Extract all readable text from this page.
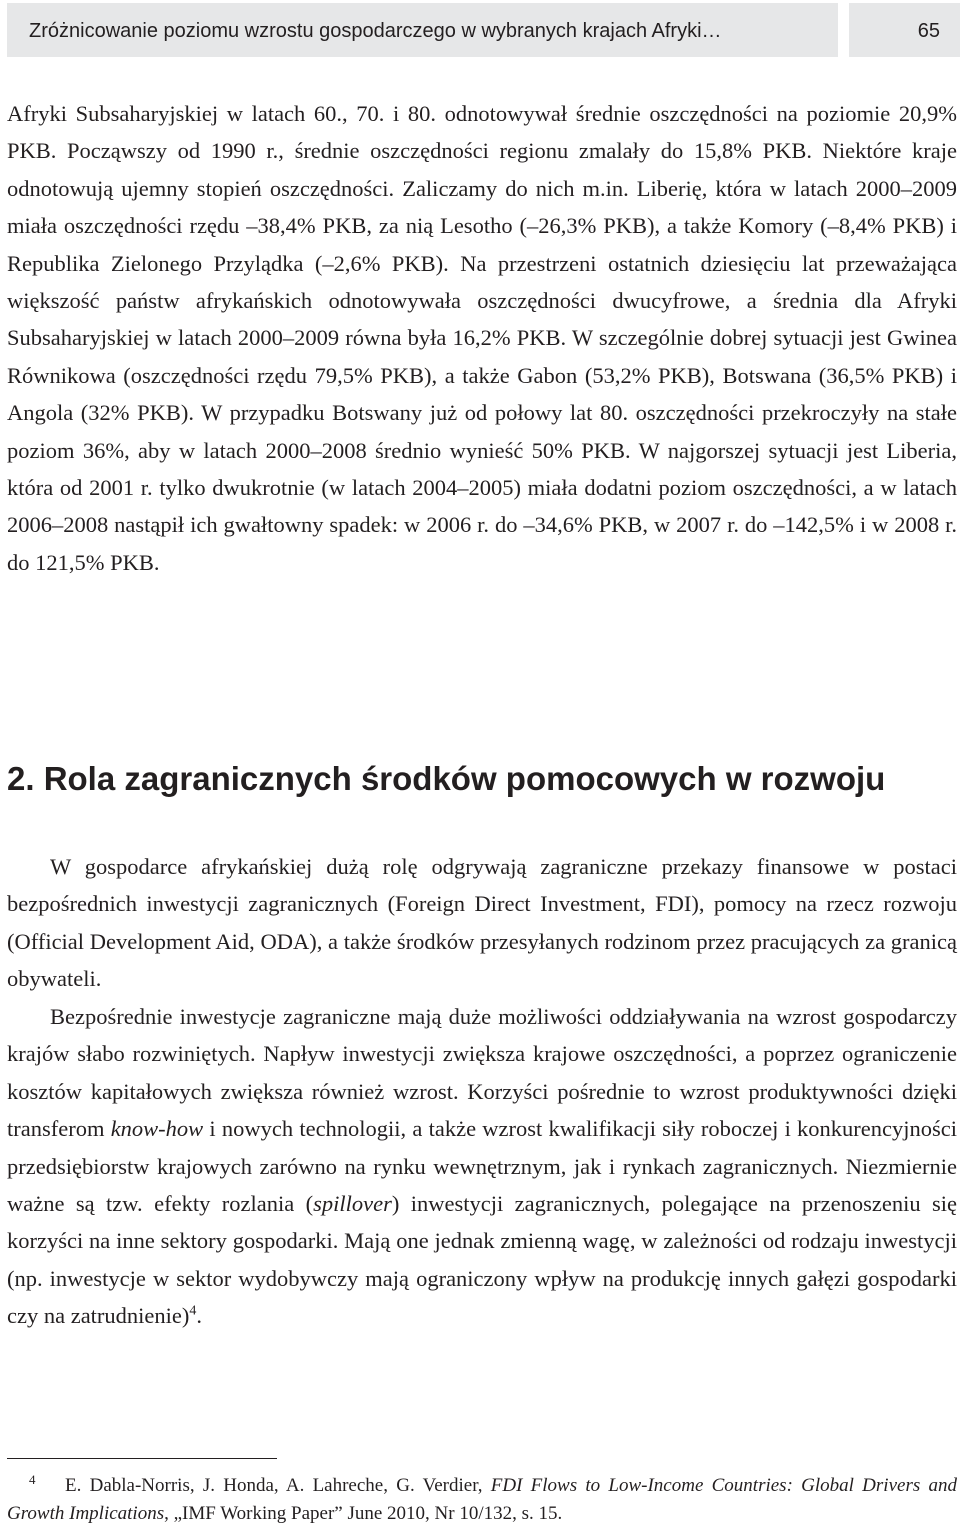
Zróżnicowanie poziomu wzrostu gospodarczego w wybranych krajach Afryki…	65

Afryki Subsaharyjskiej w latach 60., 70. i 80. odnotowywał średnie oszczędności na poziomie 20,9% PKB. Począwszy od 1990 r., średnie oszczędności regionu zmalały do 15,8% PKB. Niektóre kraje odnotowują ujemny stopień oszczędności. Zaliczamy do nich m.in. Liberię, która w latach 2000–2009 miała oszczędności rzędu –38,4% PKB, za nią Lesotho (–26,3% PKB), a także Komory (–8,4% PKB) i Republika Zielonego Przylądka (–2,6% PKB). Na przestrzeni ostatnich dziesięciu lat przeważająca większość państw afrykańskich odnotowywała oszczędności dwucyfrowe, a średnia dla Afryki Subsaharyjskiej w latach 2000–2009 równa była 16,2% PKB. W szczególnie dobrej sytuacji jest Gwinea Równikowa (oszczędności rzędu 79,5% PKB), a także Gabon (53,2% PKB), Botswana (36,5% PKB) i Angola (32% PKB). W przypadku Botswany już od połowy lat 80. oszczędności przekroczyły na stałe poziom 36%, aby w latach 2000–2008 średnio wynieść 50% PKB. W najgorszej sytuacji jest Liberia, która od 2001 r. tylko dwukrotnie (w latach 2004–2005) miała dodatni poziom oszczędności, a w latach 2006–2008 nastąpił ich gwałtowny spadek: w 2006 r. do –34,6% PKB, w 2007 r. do –142,5% i w 2008 r. do 121,5% PKB.

2. Rola zagranicznych środków pomocowych w rozwoju

W gospodarce afrykańskiej dużą rolę odgrywają zagraniczne przekazy finansowe w postaci bezpośrednich inwestycji zagranicznych (Foreign Direct Investment, FDI), pomocy na rzecz rozwoju (Official Development Aid, ODA), a także środków przesyłanych rodzinom przez pracujących za granicą obywateli.

Bezpośrednie inwestycje zagraniczne mają duże możliwości oddziaływania na wzrost gospodarczy krajów słabo rozwiniętych. Napływ inwestycji zwiększa krajowe oszczędności, a poprzez ograniczenie kosztów kapitałowych zwiększa również wzrost. Korzyści pośrednie to wzrost produktywności dzięki transferom know-how i nowych technologii, a także wzrost kwalifikacji siły roboczej i konkurencyjności przedsiębiorstw krajowych zarówno na rynku wewnętrznym, jak i rynkach zagranicznych. Niezmiernie ważne są tzw. efekty rozlania (spillover) inwestycji zagranicznych, polegające na przenoszeniu się korzyści na inne sektory gospodarki. Mają one jednak zmienną wagę, w zależności od rodzaju inwestycji (np. inwestycje w sektor wydobywczy mają ograniczony wpływ na produkcję innych gałęzi gospodarki czy na zatrudnienie)$^4$.

4 E. Dabla-Norris, J. Honda, A. Lahreche, G. Verdier, FDI Flows to Low-Income Countries: Global Drivers and Growth Implications, „IMF Working Paper” June 2010, Nr 10/132, s. 15.
